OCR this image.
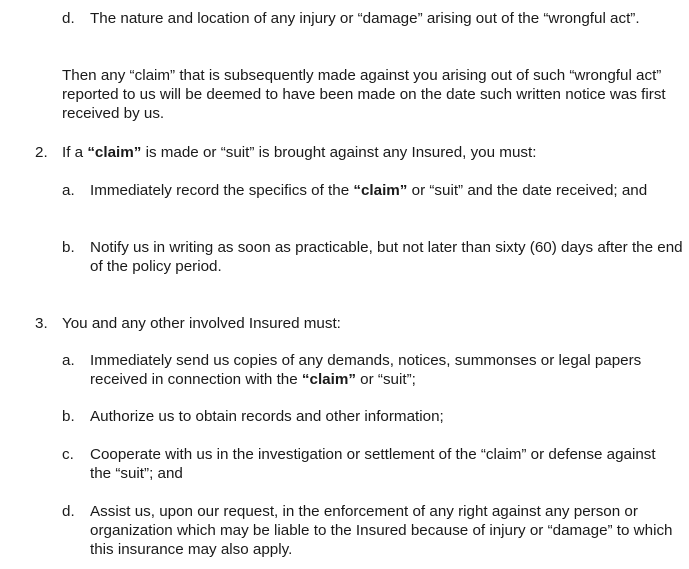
d. The nature and location of any injury or “damage” arising out of the “wrongful act”.

Then any “claim” that is subsequently made against you arising out of such “wrongful act” reported to us will be deemed to have been made on the date such written notice was first received by us.

2. If a “claim” is made or “suit” is brought against any Insured, you must:
a. Immediately record the specifics of the “claim” or “suit” and the date received; and
b. Notify us in writing as soon as practicable, but not later than sixty (60) days after the end of the policy period.
3. You and any other involved Insured must:
a. Immediately send us copies of any demands, notices, summonses or legal papers received in connection with the “claim” or “suit”;
b. Authorize us to obtain records and other information;
c. Cooperate with us in the investigation or settlement of the “claim” or defense against the “suit”; and
d. Assist us, upon our request, in the enforcement of any right against any person or organization which may be liable to the Insured because of injury or “damage” to which this insurance may also apply.
